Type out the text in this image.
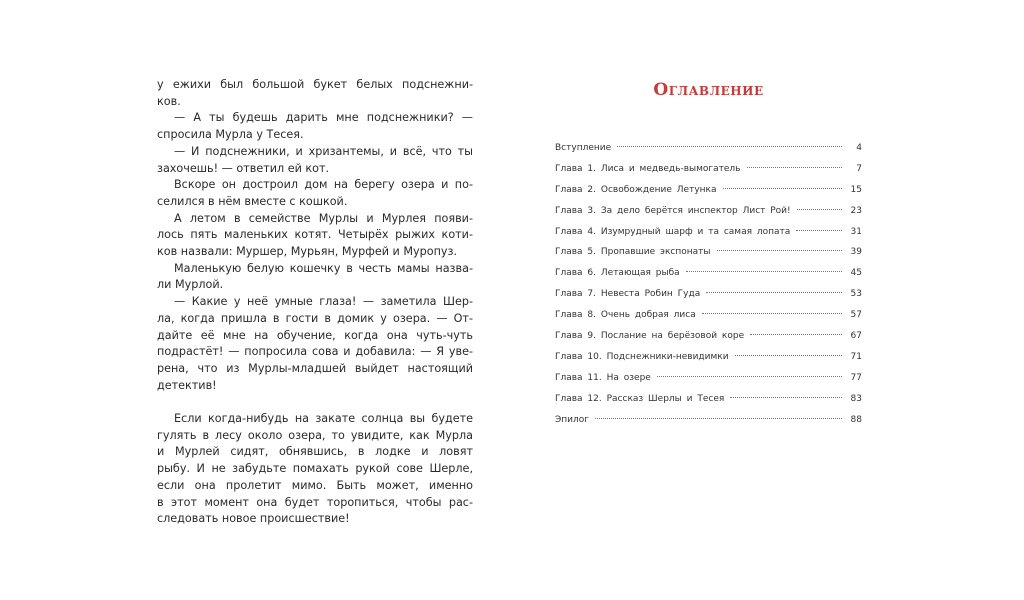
у ежихи был большой букет белых подснежни-
ков.
— А ты будешь дарить мне подснежники? —
спросила Мурла у Тесея.
— И подснежники, и хризантемы, и всё, что ты
захочешь! — ответил ей кот.
Вскоре он достроил дом на берегу озера и по-
селился в нём вместе с кошкой.
А летом в семействе Мурлы и Мурлея появи-
лось пять маленьких котят. Четырёх рыжих коти-
ков назвали: Муршер, Мурьян, Мурфей и Муропуз.
Маленькую белую кошечку в честь мамы назва-
ли Мурлой.
— Какие у неё умные глаза! — заметила Шер-
ла, когда пришла в гости в домик у озера. — От-
дайте её мне на обучение, когда она чуть-чуть
подрастёт! — попросила сова и добавила: — Я уве-
рена, что из Мурлы-младшей выйдет настоящий
детектив!
Если когда-нибудь на закате солнца вы будете
гулять в лесу около озера, то увидите, как Мурла
и Мурлей сидят, обнявшись, в лодке и ловят
рыбу. И не забудьте помахать рукой сове Шерле,
если она пролетит мимо. Быть может, именно
в этот момент она будет торопиться, чтобы рас-
следовать новое происшествие!
Оглавление
Вступление	4
Глава 1. Лиса и медведь-вымогатель	7
Глава 2. Освобождение Летунка	15
Глава 3. За дело берётся инспектор Лист Рой!	23
Глава 4. Изумрудный шарф и та самая лопата	31
Глава 5. Пропавшие экспонаты	39
Глава 6. Летающая рыба	45
Глава 7. Невеста Робин Гуда	53
Глава 8. Очень добрая лиса	57
Глава 9. Послание на берёзовой коре	67
Глава 10. Подснежники-невидимки	71
Глава 11. На озере	77
Глава 12. Рассказ Шерлы и Тесея	83
Эпилог	88
